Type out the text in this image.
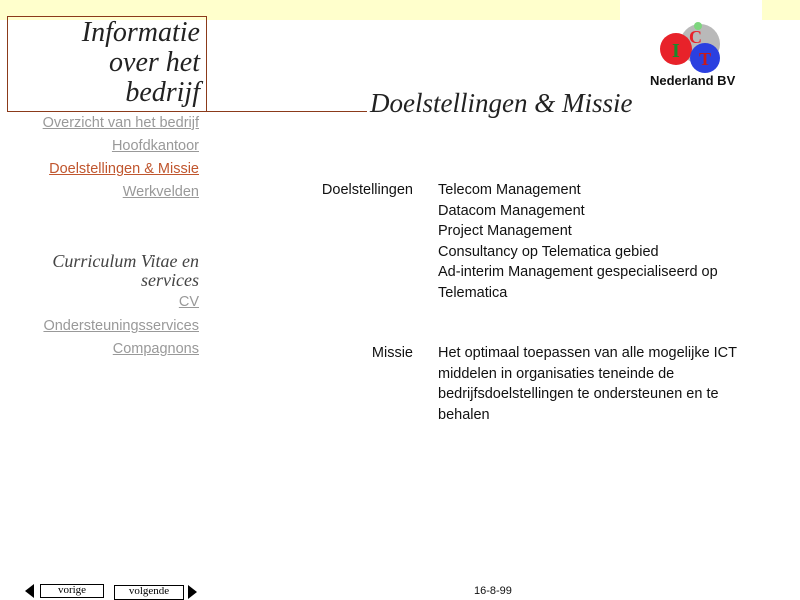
Informatie
over het
bedrijf
Overzicht van het bedrijf
Hoofdkantoor
Doelstellingen & Missie
Werkvelden
Curriculum Vitae en
services
CV
Ondersteuningsservices
Compagnons
I
C
T
Nederland BV
Doelstellingen & Missie
Doelstellingen Telecom Management
Datacom Management
Project Management
Consultancy op Telematica gebied
Ad-interim Management gespecialiseerd op
Telematica
Missie Het optimaal toepassen van alle mogelijke ICT
middelen in organisaties teneinde de
bedrijfsdoelstellingen te ondersteunen en te
behalen
vorige	volgende	16-8-99
